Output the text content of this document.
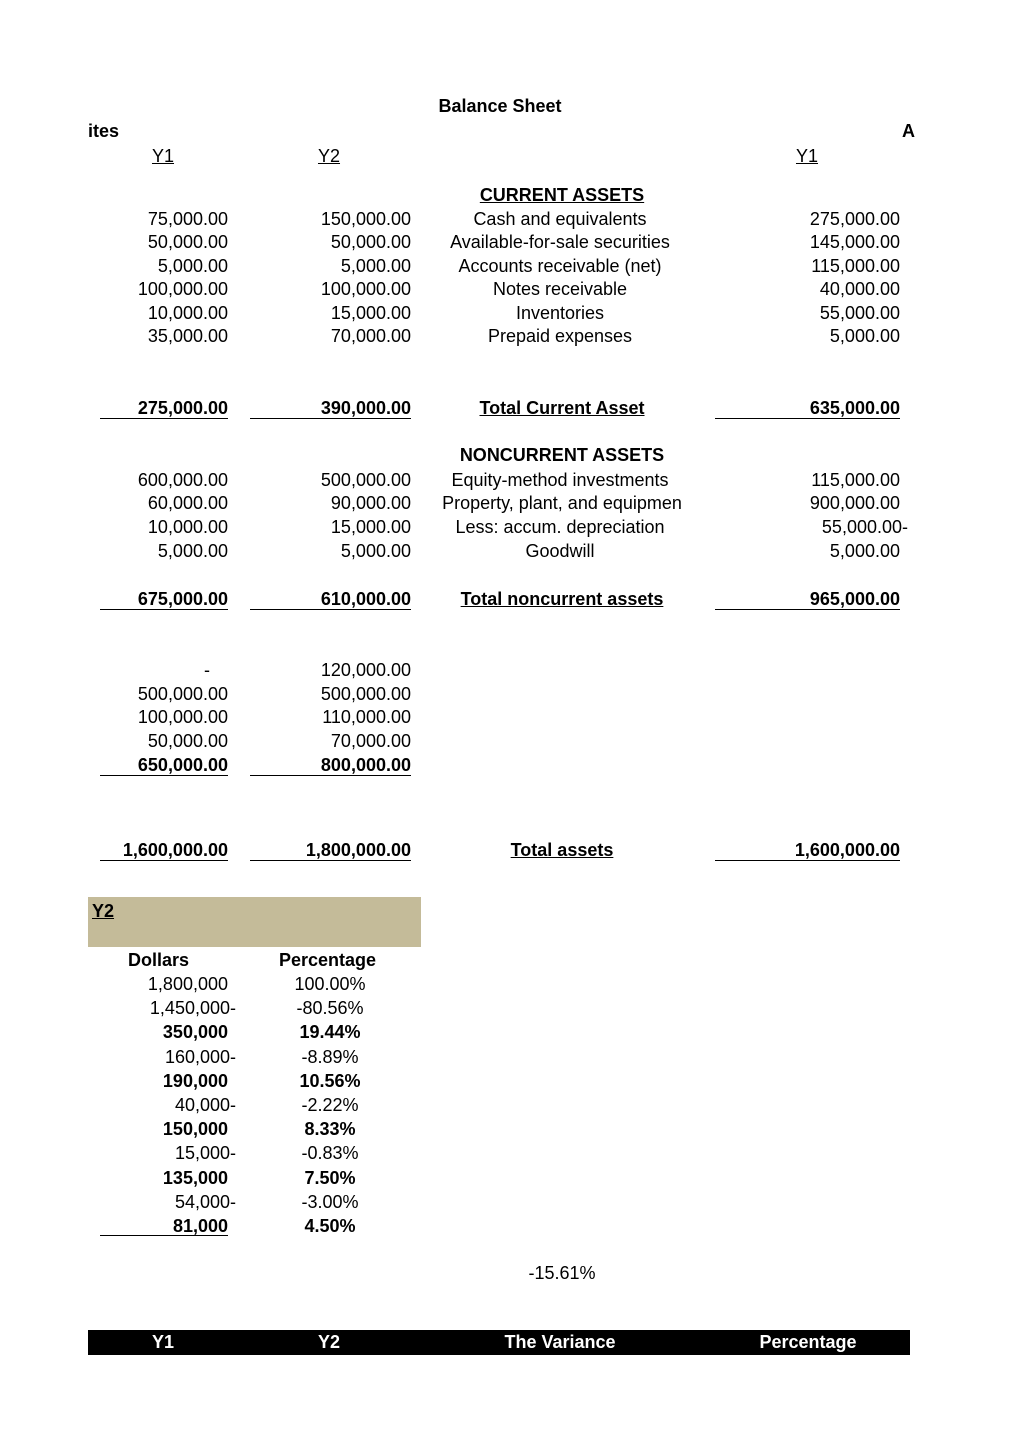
Balance Sheet
ites	A
Y1	Y2	Y1
CURRENT ASSETS
75,000.00	150,000.00	Cash and equivalents	275,000.00
50,000.00	50,000.00	Available-for-sale securities	145,000.00
5,000.00	5,000.00	Accounts receivable (net)	115,000.00
100,000.00	100,000.00	Notes receivable	40,000.00
10,000.00	15,000.00	Inventories	55,000.00
35,000.00	70,000.00	Prepaid expenses	5,000.00
275,000.00	390,000.00	Total Current Asset	635,000.00
NONCURRENT ASSETS
600,000.00	500,000.00	Equity-method investments	115,000.00
60,000.00	90,000.00	Property, plant, and equipmen	900,000.00
10,000.00	15,000.00	Less: accum. depreciation	55,000.00-
5,000.00	5,000.00	Goodwill	5,000.00
675,000.00	610,000.00	Total noncurrent assets	965,000.00
-	120,000.00
500,000.00	500,000.00
100,000.00	110,000.00
50,000.00	70,000.00
650,000.00	800,000.00
1,600,000.00	1,800,000.00	Total assets	1,600,000.00
Y2
Dollars	Percentage
1,800,000	100.00%
1,450,000-	-80.56%
350,000	19.44%
160,000-	-8.89%
190,000	10.56%
40,000-	-2.22%
150,000	8.33%
15,000-	-0.83%
135,000	7.50%
54,000-	-3.00%
81,000	4.50%
-15.61%
Y1	Y2	The Variance	Percentage
